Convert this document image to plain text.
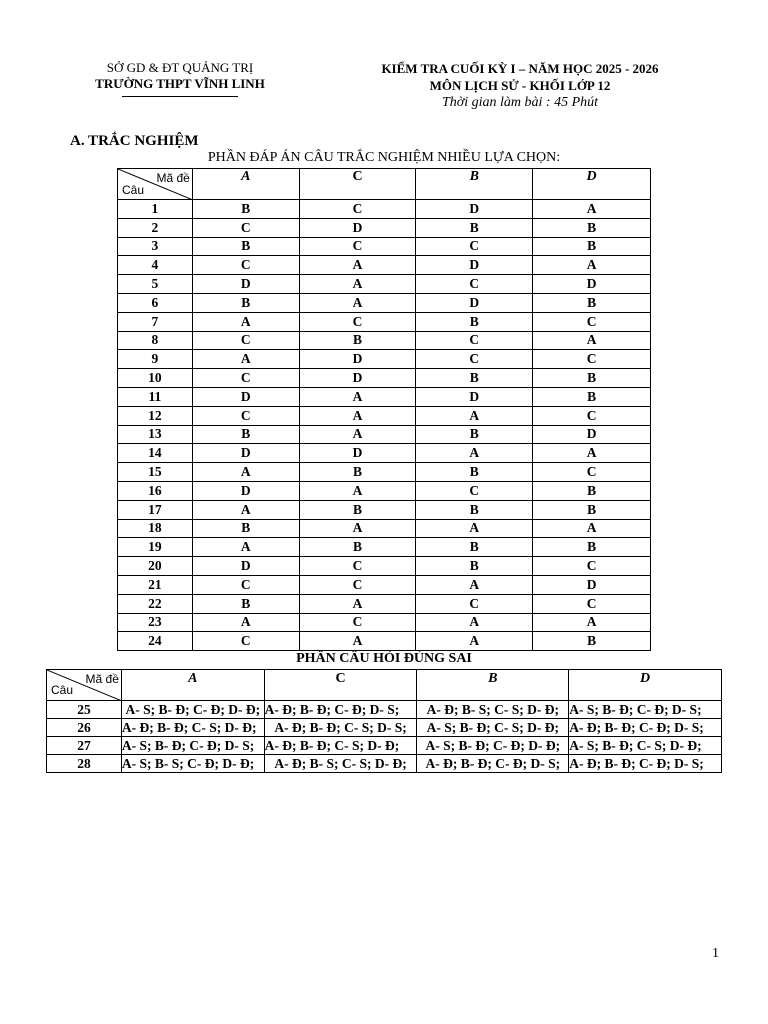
SỞ GD & ĐT QUẢNG TRỊ
TRƯỜNG THPT VĨNH LINH
KIỂM TRA CUỐI KỲ I – NĂM HỌC 2025 - 2026
MÔN LỊCH SỬ - KHỐI LỚP 12
Thời gian làm bài : 45 Phút
A. TRẮC NGHIỆM
PHẦN ĐÁP ÁN CÂU TRẮC NGHIỆM NHIỀU LỰA CHỌN:
Mã đề
Câu	A	C	B	D
1	B	C	D	A
2	C	D	B	B
3	B	C	C	B
4	C	A	D	A
5	D	A	C	D
6	B	A	D	B
7	A	C	B	C
8	C	B	C	A
9	A	D	C	C
10	C	D	B	B
11	D	A	D	B
12	C	A	A	C
13	B	A	B	D
14	D	D	A	A
15	A	B	B	C
16	D	A	C	B
17	A	B	B	B
18	B	A	A	A
19	A	B	B	B
20	D	C	B	C
21	C	C	A	D
22	B	A	C	C
23	A	C	A	A
24	C	A	A	B
PHẦN CÂU HỎI ĐÚNG SAI
Mã đề
Câu	A	C	B	D
25	A- S; B- Đ; C- Đ; D- Đ;	A- Đ; B- Đ; C- Đ; D- S;	A- Đ; B- S; C- S; D- Đ;	A- S; B- Đ; C- Đ; D- S;
26	A- Đ; B- Đ; C- S; D- Đ;	A- Đ; B- Đ; C- S; D- S;	A- S; B- Đ; C- S; D- Đ;	A- Đ; B- Đ; C- Đ; D- S;
27	A- S; B- Đ; C- Đ; D- S;	A- Đ; B- Đ; C- S; D- Đ;	A- S; B- Đ; C- Đ; D- Đ;	A- S; B- Đ; C- S; D- Đ;
28	A- S; B- S; C- Đ; D- Đ;	A- Đ; B- S; C- S; D- Đ;	A- Đ; B- Đ; C- Đ; D- S;	A- Đ; B- Đ; C- Đ; D- S;
1
